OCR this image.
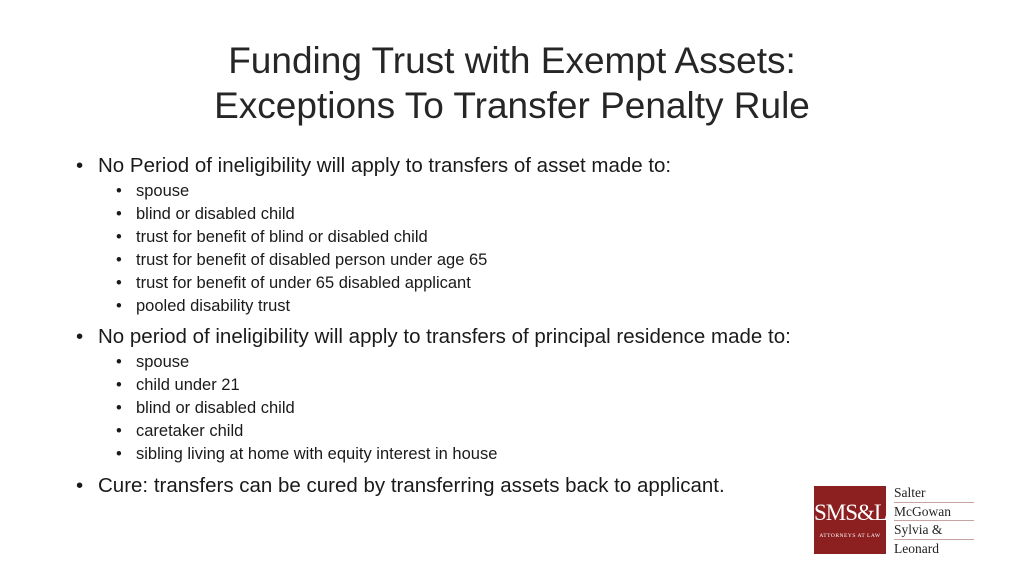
Funding Trust with Exempt Assets:
Exceptions To Transfer Penalty Rule
• No Period of ineligibility will apply to transfers of asset made to:
• spouse
• blind or disabled child
• trust for benefit of blind or disabled child
• trust for benefit of disabled person under age 65
• trust for benefit of under 65 disabled applicant
• pooled disability trust
• No period of ineligibility will apply to transfers of principal residence made to:
• spouse
• child under 21
• blind or disabled child
• caretaker child
• sibling living at home with equity interest in house
• Cure: transfers can be cured by transferring assets back to applicant.
SMS&L
ATTORNEYS AT LAW
Salter
McGowan
Sylvia &
Leonard
